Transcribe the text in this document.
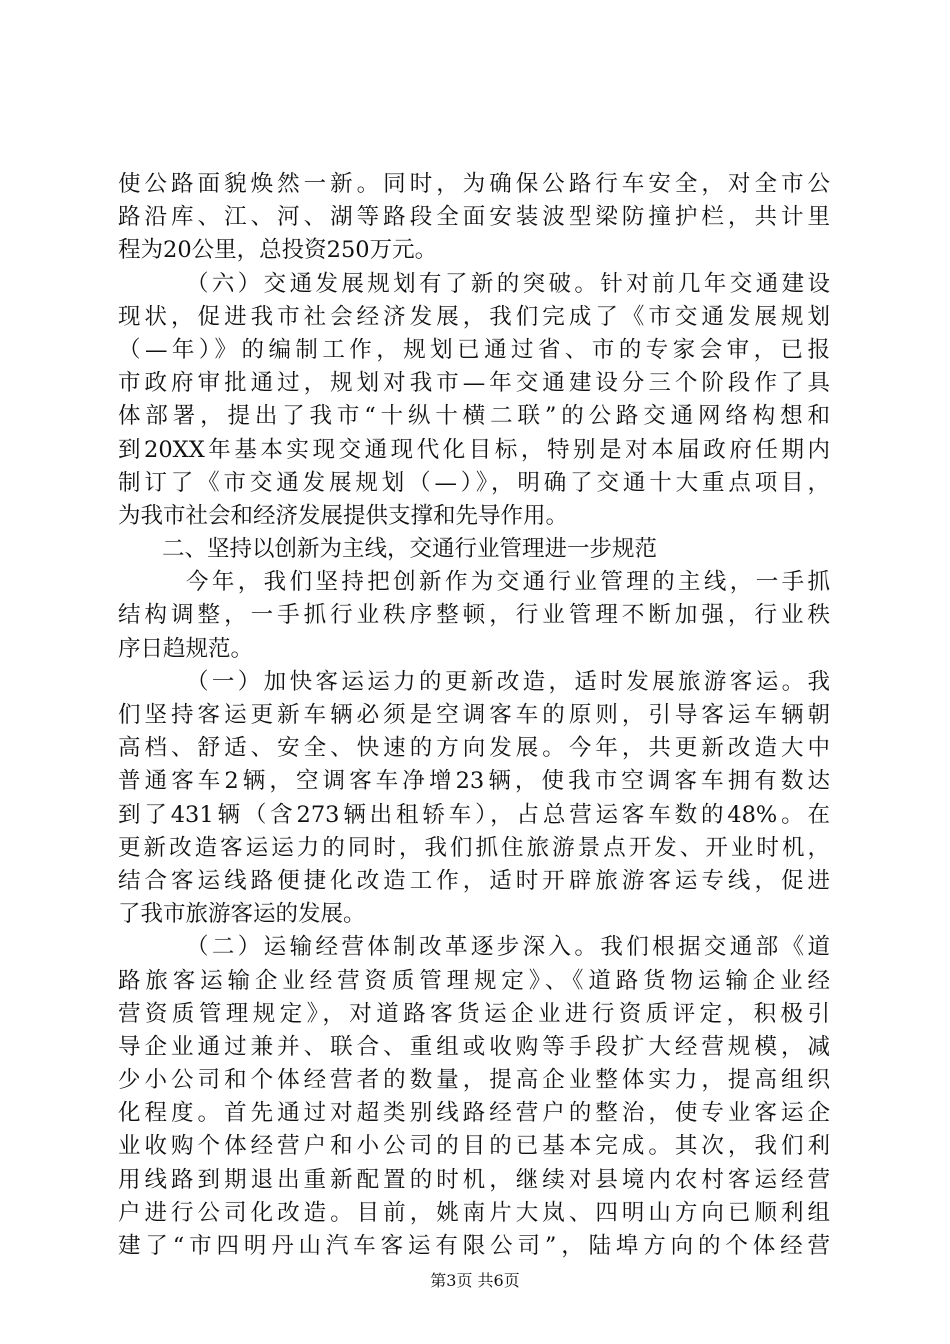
使公路面貌焕然一新。同时，为确保公路行车安全，对全市公
路沿库、江、河、湖等路段全面安装波型梁防撞护栏，共计里
程为20公里，总投资250万元。
（六）交通发展规划有了新的突破。针对前几年交通建设
现状，促进我市社会经济发展，我们完成了《市交通发展规划
（—年）》的编制工作，规划已通过省、市的专家会审，已报
市政府审批通过，规划对我市—年交通建设分三个阶段作了具
体部署，提出了我市“十纵十横二联”的公路交通网络构想和
到20XX年基本实现交通现代化目标，特别是对本届政府任期内
制订了《市交通发展规划（—）》，明确了交通十大重点项目，
为我市社会和经济发展提供支撑和先导作用。
二、坚持以创新为主线，交通行业管理进一步规范
今年，我们坚持把创新作为交通行业管理的主线，一手抓
结构调整，一手抓行业秩序整顿，行业管理不断加强，行业秩
序日趋规范。
（一）加快客运运力的更新改造，适时发展旅游客运。我
们坚持客运更新车辆必须是空调客车的原则，引导客运车辆朝
高档、舒适、安全、快速的方向发展。今年，共更新改造大中
普通客车2辆，空调客车净增23辆，使我市空调客车拥有数达
到了431辆（含273辆出租轿车），占总营运客车数的48%。在
更新改造客运运力的同时，我们抓住旅游景点开发、开业时机，
结合客运线路便捷化改造工作，适时开辟旅游客运专线，促进
了我市旅游客运的发展。
（二）运输经营体制改革逐步深入。我们根据交通部《道
路旅客运输企业经营资质管理规定》、《道路货物运输企业经
营资质管理规定》，对道路客货运企业进行资质评定，积极引
导企业通过兼并、联合、重组或收购等手段扩大经营规模，减
少小公司和个体经营者的数量，提高企业整体实力，提高组织
化程度。首先通过对超类别线路经营户的整治，使专业客运企
业收购个体经营户和小公司的目的已基本完成。其次，我们利
用线路到期退出重新配置的时机，继续对县境内农村客运经营
户进行公司化改造。目前，姚南片大岚、四明山方向已顺利组
建了“市四明丹山汽车客运有限公司”，陆埠方向的个体经营
第3页 共6页
